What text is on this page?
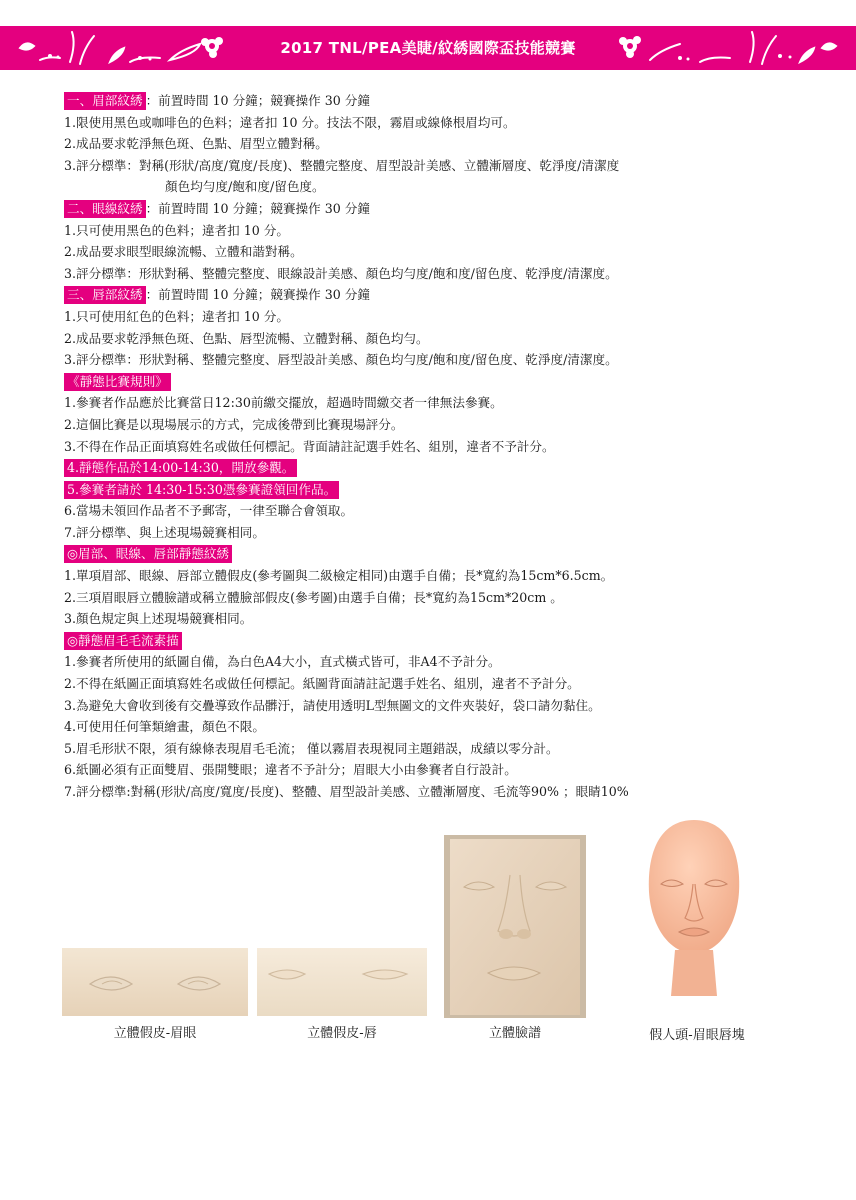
2017 TNL/PEA美睫/紋綉國際盃技能競賽
一、眉部紋綉 ：前置時間 10 分鐘；競賽操作 30 分鐘
1.限使用黑色或咖啡色的色料；違者扣 10 分。技法不限，霧眉或線條根眉均可。
2.成品要求乾淨無色斑、色點、眉型立體對稱。
3.評分標準：對稱(形狀/高度/寬度/長度)、整體完整度、眉型設計美感、立體漸層度、乾淨度/清潔度
顏色均勻度/飽和度/留色度。
二、眼線紋綉 ：前置時間 10 分鐘；競賽操作 30 分鐘
1.只可使用黑色的色料；違者扣 10 分。
2.成品要求眼型眼線流暢、立體和諧對稱。
3.評分標準：形狀對稱、整體完整度、眼線設計美感、顏色均勻度/飽和度/留色度、乾淨度/清潔度。
三、唇部紋綉 ：前置時間 10 分鐘；競賽操作 30 分鐘
1.只可使用紅色的色料；違者扣 10 分。
2.成品要求乾淨無色斑、色點、唇型流暢、立體對稱、顏色均勻。
3.評分標準：形狀對稱、整體完整度、唇型設計美感、顏色均勻度/飽和度/留色度、乾淨度/清潔度。
《靜態比賽規則》
1.參賽者作品應於比賽當日12:30前繳交擺放，超過時間繳交者一律無法參賽。
2.這個比賽是以現場展示的方式，完成後帶到比賽現場評分。
3.不得在作品正面填寫姓名或做任何標記。背面請註記選手姓名、組別，違者不予計分。
4.靜態作品於14:00-14:30，開放參觀。
5.參賽者請於 14:30-15:30憑參賽證領回作品。
6.當場未領回作品者不予郵寄，一律至聯合會領取。
7.評分標準、與上述現場競賽相同。
◎眉部、眼線、唇部靜態紋綉
1.單項眉部、眼線、唇部立體假皮(參考圖與二級檢定相同)由選手自備；長*寬約為15cm*6.5cm。
2.三項眉眼唇立體臉譜或稱立體臉部假皮(參考圖)由選手自備；長*寬約為15cm*20cm 。
3.顏色規定與上述現場競賽相同。
◎靜態眉毛毛流素描
1.參賽者所使用的紙圖自備，為白色A4大小，直式橫式皆可，非A4不予計分。
2.不得在紙圖正面填寫姓名或做任何標記。紙圖背面請註記選手姓名、組別，違者不予計分。
3.為避免大會收到後有交疊導致作品髒汙，請使用透明L型無圖文的文件夾裝好，袋口請勿黏住。
4.可使用任何筆類繪畫，顏色不限。
5.眉毛形狀不限，須有線條表現眉毛毛流； 僅以霧眉表現視同主題錯誤，成績以零分計。
6.紙圖必須有正面雙眉、張開雙眼；違者不予計分；眉眼大小由參賽者自行設計。
7.評分標準:對稱(形狀/高度/寬度/長度)、整體、眉型設計美感、立體漸層度、毛流等90% ；眼睛10%
立體假皮-眉眼	立體假皮-唇	立體臉譜	假人頭-眉眼唇塊
